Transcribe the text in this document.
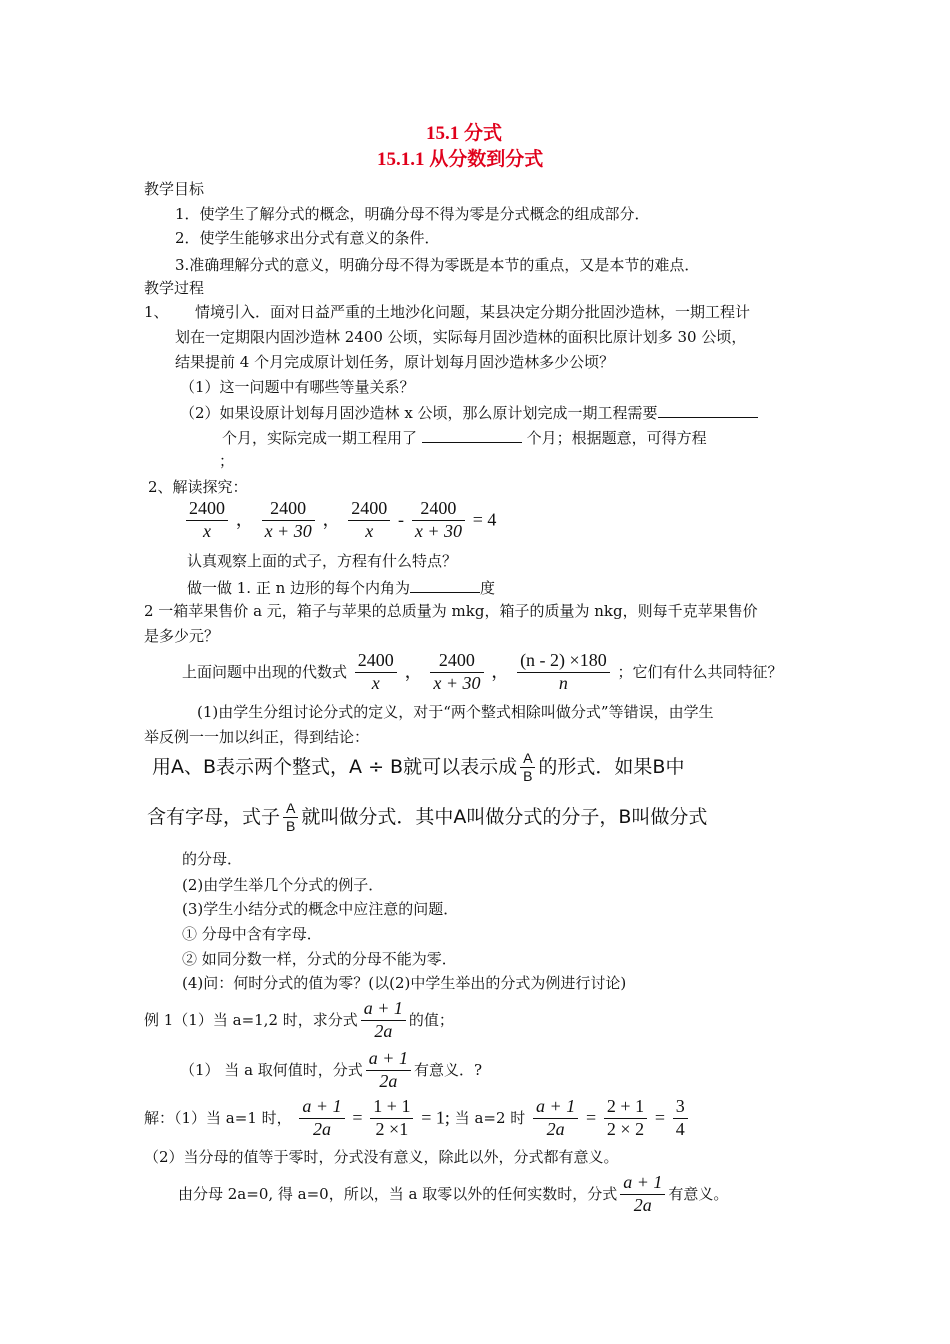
15.1 分式
15.1.1 从分数到分式
教学目标
1．使学生了解分式的概念，明确分母不得为零是分式概念的组成部分．
2．使学生能够求出分式有意义的条件．
3.准确理解分式的意义，明确分母不得为零既是本节的重点，又是本节的难点．
教学过程
1、 情境引入．面对日益严重的土地沙化问题，某县决定分期分批固沙造林，一期工程计
划在一定期限内固沙造林 2400 公顷，实际每月固沙造林的面积比原计划多 30 公顷，
结果提前 4 个月完成原计划任务，原计划每月固沙造林多少公顷？
（1）这一问题中有哪些等量关系？
（2）如果设原计划每月固沙造林 x 公顷，那么原计划完成一期工程需要
个月，实际完成一期工程用了	个月；根据题意，可得方程
；
2、解读探究：
$\frac{2400}{x}$ ， $\frac{2400}{x + 30}$ ， $\frac{2400}{x} - \frac{2400}{x + 30} = 4$
认真观察上面的式子，方程有什么特点？
做一做 1. 正 n 边形的每个内角为	度
2 一箱苹果售价 a 元，箱子与苹果的总质量为 mkg，箱子的质量为 nkg，则每千克苹果售价
是多少元？
上面问题中出现的代数式 $\frac{2400}{x}$ ， $\frac{2400}{x + 30}$ ， $\frac{(n - 2) \times 180}{n}$ ；它们有什么共同特征？
(1)由学生分组讨论分式的定义，对于“两个整式相除叫做分式”等错误，由学生
举反例一一加以纠正，得到结论：
用A、B表示两个整式，A ÷ B就可以表示成 $\frac{A}{B}$ 的形式．如果B中
含有字母，式子 $\frac{A}{B}$ 就叫做分式．其中A叫做分式的分子，B叫做分式
的分母．
(2)由学生举几个分式的例子．
(3)学生小结分式的概念中应注意的问题．
① 分母中含有字母．
② 如同分数一样，分式的分母不能为零．
(4)问：何时分式的值为零？(以(2)中学生举出的分式为例进行讨论)
例 1（1）当 a=1,2 时，求分式 $\frac{a + 1}{2a}$ 的值；
（1） 当 a 取何值时，分式 $\frac{a + 1}{2a}$ 有意义．?
解：（1）当 a=1 时， $\frac{a + 1}{2a} = \frac{1 + 1}{2 \times 1} = 1$; 当 a=2 时 $\frac{a + 1}{2a} = \frac{2 + 1}{2 \times 2} = \frac{3}{4}$
（2）当分母的值等于零时，分式没有意义，除此以外，分式都有意义。
由分母 2a=0, 得 a=0，所以，当 a 取零以外的任何实数时，分式 $\frac{a + 1}{2a}$ 有意义。
